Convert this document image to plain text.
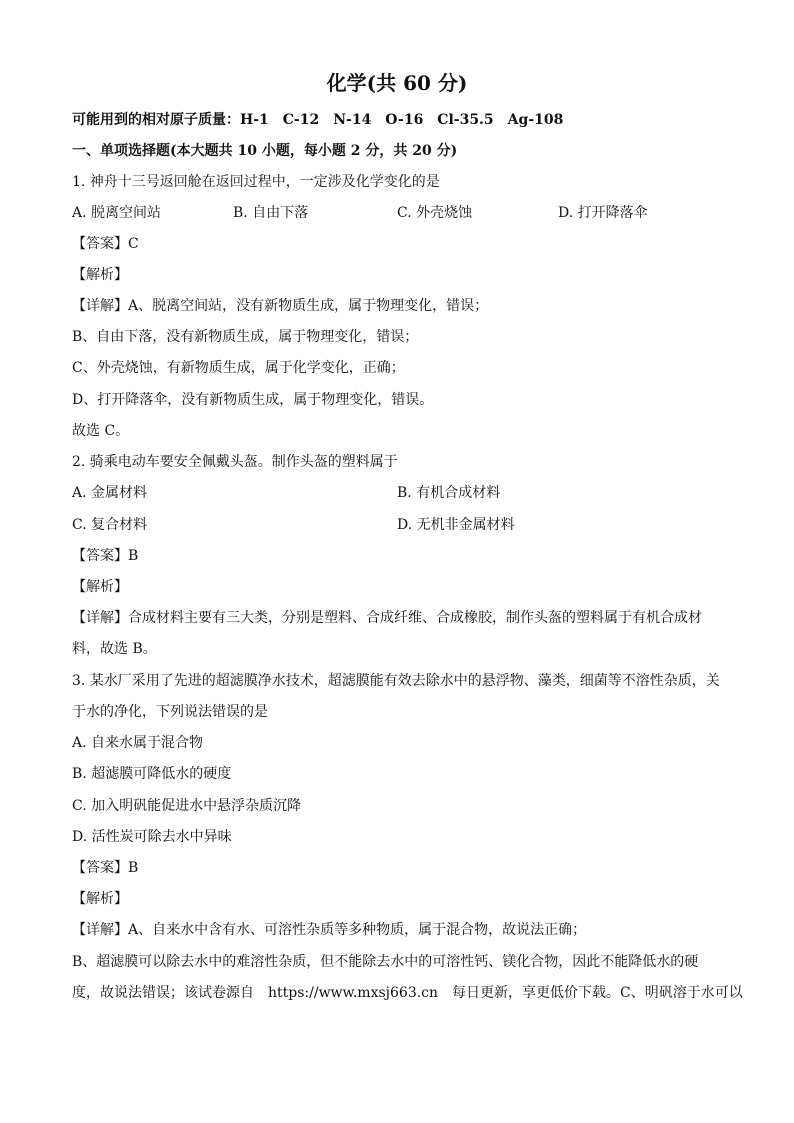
化学(共 60 分)
可能用到的相对原子质量：H-1　C-12　N-14　O-16　Cl-35.5　Ag-108
一、单项选择题(本大题共 10 小题，每小题 2 分，共 20 分)
1. 神舟十三号返回舱在返回过程中，一定涉及化学变化的是
A. 脱离空间站	B. 自由下落	C. 外壳烧蚀	D. 打开降落伞
【答案】C
【解析】
【详解】A、脱离空间站，没有新物质生成，属于物理变化，错误；
B、自由下落，没有新物质生成，属于物理变化，错误；
C、外壳烧蚀，有新物质生成，属于化学变化，正确；
D、打开降落伞，没有新物质生成，属于物理变化，错误。
故选 C。
2. 骑乘电动车要安全佩戴头盔。制作头盔的塑料属于
A. 金属材料	B. 有机合成材料
C. 复合材料	D. 无机非金属材料
【答案】B
【解析】
【详解】合成材料主要有三大类，分别是塑料、合成纤维、合成橡胶，制作头盔的塑料属于有机合成材
料，故选 B。
3. 某水厂采用了先进的超滤膜净水技术，超滤膜能有效去除水中的悬浮物、藻类，细菌等不溶性杂质，关
于水的净化，下列说法错误的是
A. 自来水属于混合物
B. 超滤膜可降低水的硬度
C. 加入明矾能促进水中悬浮杂质沉降
D. 活性炭可除去水中异味
【答案】B
【解析】
【详解】A、自来水中含有水、可溶性杂质等多种物质，属于混合物，故说法正确；
B、超滤膜可以除去水中的难溶性杂质，但不能除去水中的可溶性钙、镁化合物，因此不能降低水的硬
度，故说法错误；该试卷源自　https://www.mxsj663.cn　每日更新，享更低价下载。C、明矾溶于水可以
